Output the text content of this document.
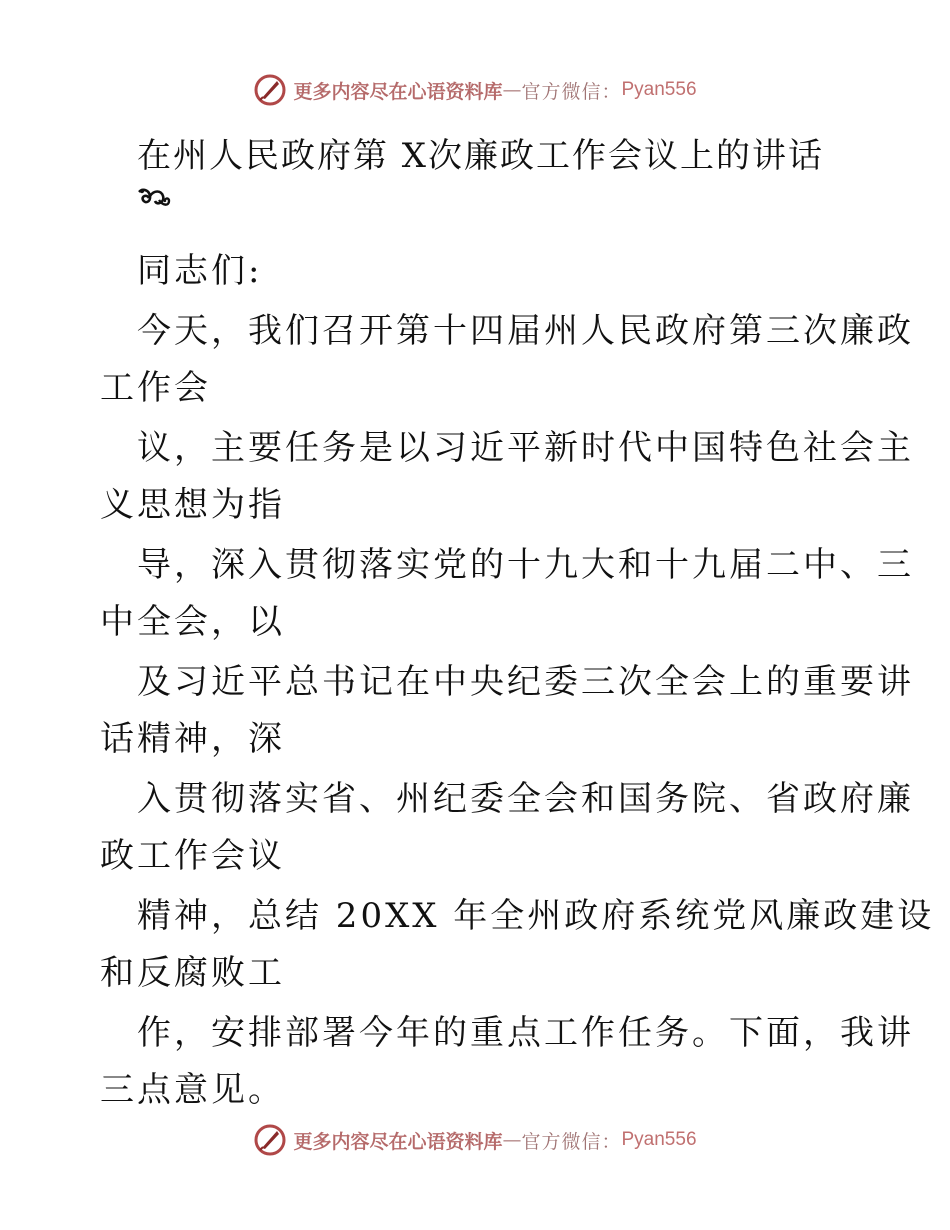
更多内容尽在心语资料库 — 官方微信： Pyan556
在州人民政府第 X次廉政工作会议上的讲话
同志们:
今天，我们召开第十四届州人民政府第三次廉政
工作会
议，主要任务是以习近平新时代中国特色社会主
义思想为指
导，深入贯彻落实党的十九大和十九届二中、三
中全会，以
及习近平总书记在中央纪委三次全会上的重要讲
话精神，深
入贯彻落实省、州纪委全会和国务院、省政府廉
政工作会议
精神，总结 20XX 年全州政府系统党风廉政建设
和反腐败工
作，安排部署今年的重点工作任务。下面，我讲
三点意见。
更多内容尽在心语资料库 — 官方微信： Pyan556
